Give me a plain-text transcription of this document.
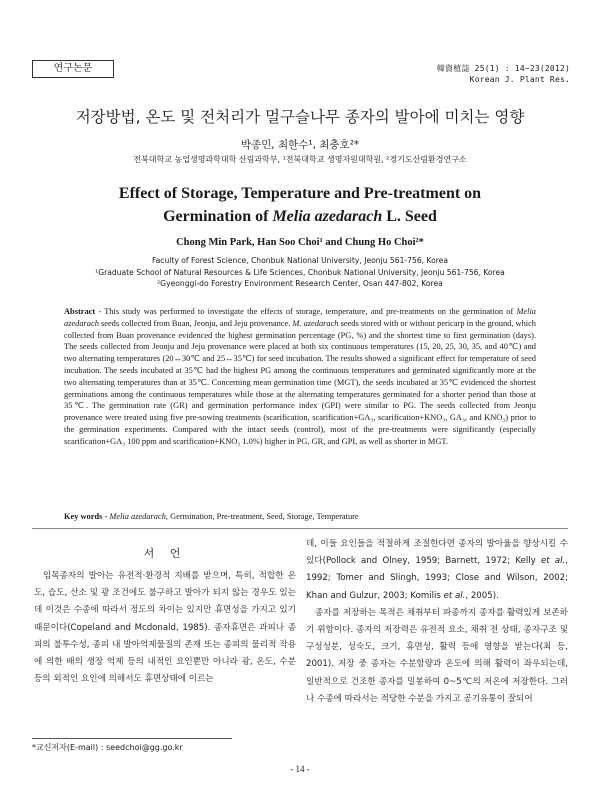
연구논문	韓資植誌 25(1) : 14~23(2012)
Korean J. Plant Res.
저장방법, 온도 및 전처리가 멀구슬나무 종자의 발아에 미치는 영향
박종민, 최한수¹, 최충호²*
전북대학교 농업생명과학대학 산림과학부, ¹전북대학교 생명자원대학원, ²경기도산림환경연구소
Effect of Storage, Temperature and Pre-treatment on
Germination of Melia azedarach L. Seed
Chong Min Park, Han Soo Choi¹ and Chung Ho Choi²*
Faculty of Forest Science, Chonbuk National University, Jeonju 561-756, Korea
¹Graduate School of Natural Resources & Life Sciences, Chonbuk National University, Jeonju 561-756, Korea
²Gyeonggi-do Forestry Environment Research Center, Osan 447-802, Korea
Abstract - This study was performed to investigate the effects of storage, temperature, and pre-treatments on the germination of Melia azedarach seeds collected from Buan, Jeonju, and Jeju provenance. M. azedarach seeds stored with or without pericarp in the ground, which collected from Buan provenance evidenced the highest germination percentage (PG, %) and the shortest time to first germination (days). The seeds collected from Jeonju and Jeju provenance were placed at both six continuous temperatures (15, 20, 25, 30, 35, and 40℃) and two alternating temperatures (20↔30℃ and 25↔35℃) for seed incubation. The results showed a significant effect for temperature of seed incubation. The seeds incubated at 35℃ had the highest PG among the continuous temperatures and germinated significantly more at the two alternating temperatures than at 35℃. Concerning mean germination time (MGT), the seeds incubated at 35℃ evidenced the shortest germinations among the continuous temperatures while those at the alternating temperatures germinated for a shorter period than those at 35℃. The germination rate (GR) and germination performance index (GPI) were similar to PG. The seeds collected from Jeonju provenance were treated using five pre-sowing treatments (scarification, scarification+GA₃, scarification+KNO₃, GA₃, and KNO₃) prior to the germination experiments. Compared with the intact seeds (control), most of the pre-treatments were significantly (especially scarification+GA₃ 100 ppm and scarification+KNO₃ 1.0%) higher in PG, GR, and GPI, as well as shorter in MGT.
Key words - Melia azedarach, Germination, Pre-treatment, Seed, Storage, Temperature
서 언

임목종자의 발아는 유전적·환경적 지배를 받으며, 특히, 적합한 온도, 습도, 산소 및 광 조건에도 불구하고 발아가 되지 않는 경우도 있는데 이것은 수종에 따라서 정도의 차이는 있지만 휴면성을 가지고 있기 때문이다(Copeland and Mcdonald, 1985). 종자휴면은 과피나 종피의 불투수성, 종피 내 발아억제물질의 존재 또는 종피의 물리적 작용에 의한 배의 생장 억제 등의 내적인 요인뿐만 아니라 광, 온도, 수분 등의 외적인 요인에 의해서도 휴면상태에 이르는

데, 이들 요인들을 적절하게 조절한다면 종자의 발아율을 향상시킬 수 있다(Pollock and Olney, 1959; Barnett, 1972; Kelly et al., 1992; Tomer and Slingh, 1993; Close and Wilson, 2002; Khan and Gulzur, 2003; Komilis et al., 2005).

종자를 저장하는 목적은 채취부터 파종까지 종자를 활력있게 보존하기 위함이다. 종자의 저장력은 유전적 요소, 채취 전 상태, 종자구조 및 구성성분, 성숙도, 크기, 휴면성, 활력 등에 영향을 받는다(최 등, 2001). 저장 중 종자는 수분함량과 온도에 의해 활력이 좌우되는데, 일반적으로 건조한 종자를 밀봉하여 0~5℃의 저온에 저장한다. 그러나 수종에 따라서는 적당한 수분을 가지고 공기유통이 잘되어

*교신저자(E-mail) : seedchoi@gg.go.kr
- 14 -
